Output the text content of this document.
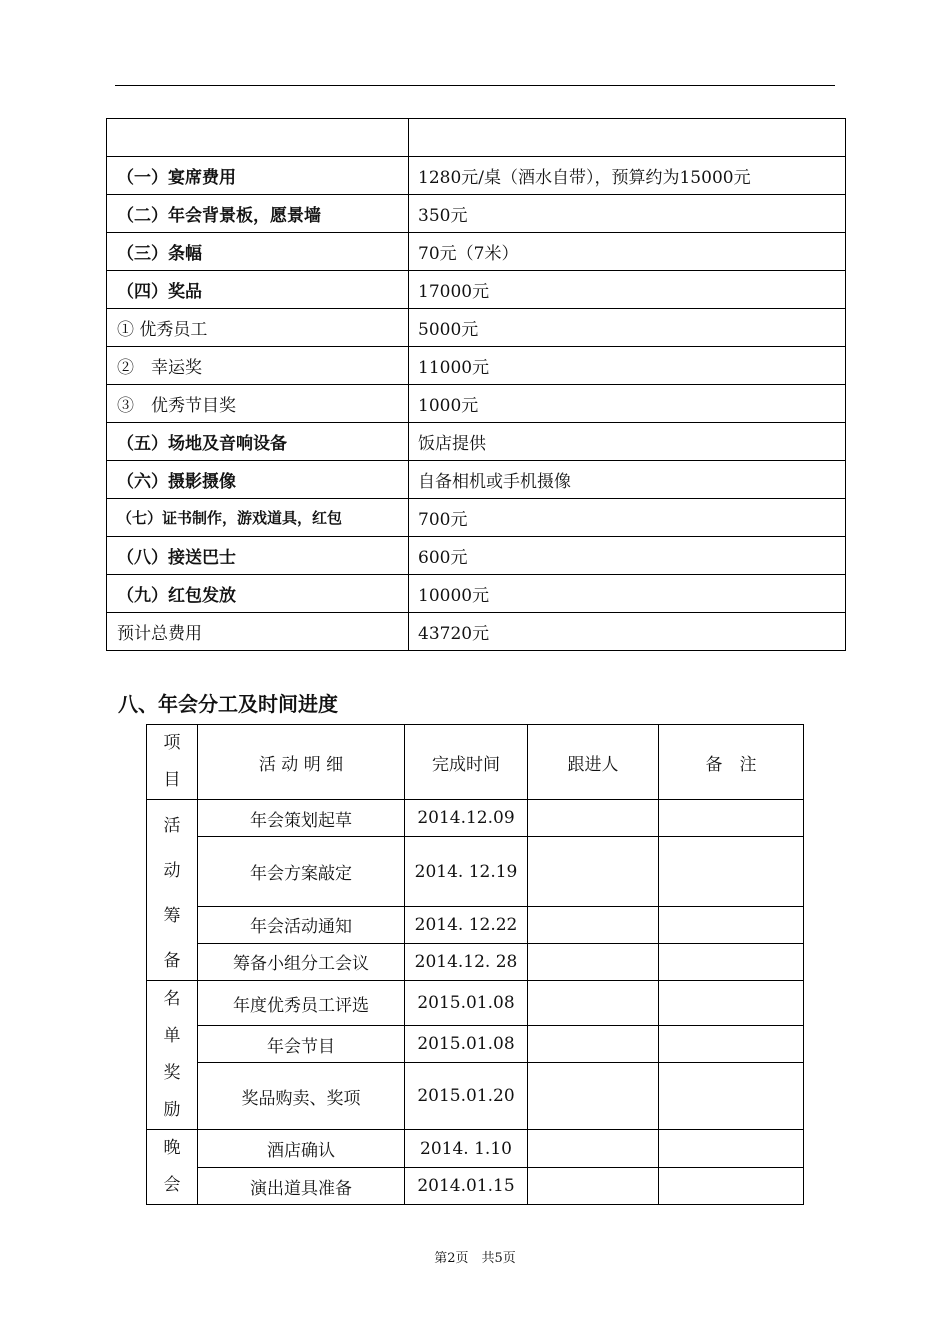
（一）宴席费用	1280元/桌（酒水自带），预算约为15000元
（二）年会背景板，愿景墙	350元
（三）条幅	70元（7米）
（四）奖品	17000元
① 优秀员工	5000元
②　幸运奖	11000元
③　优秀节目奖	1000元
（五）场地及音响设备	饭店提供
（六）摄影摄像	自备相机或手机摄像
（七）证书制作，游戏道具，红包	700元
（八）接送巴士	600元
（九）红包发放	10000元
预计总费用	43720元
八、年会分工及时间进度
项
目	活 动 明 细	完成时间	跟进人	备　注

活
动
筹
备	年会策划起草	2014.12.09		
	年会方案敲定	2014. 12.19		
	年会活动通知	2014. 12.22		
	筹备小组分工会议	2014.12. 28		

名
单
奖
励	年度优秀员工评选	2015.01.08		
	年会节目	2015.01.08		
	奖品购卖、奖项	2015.01.20		

晚
会	酒店确认	2014. 1.10		
	演出道具准备	2014.01.15		
第2页　共5页
